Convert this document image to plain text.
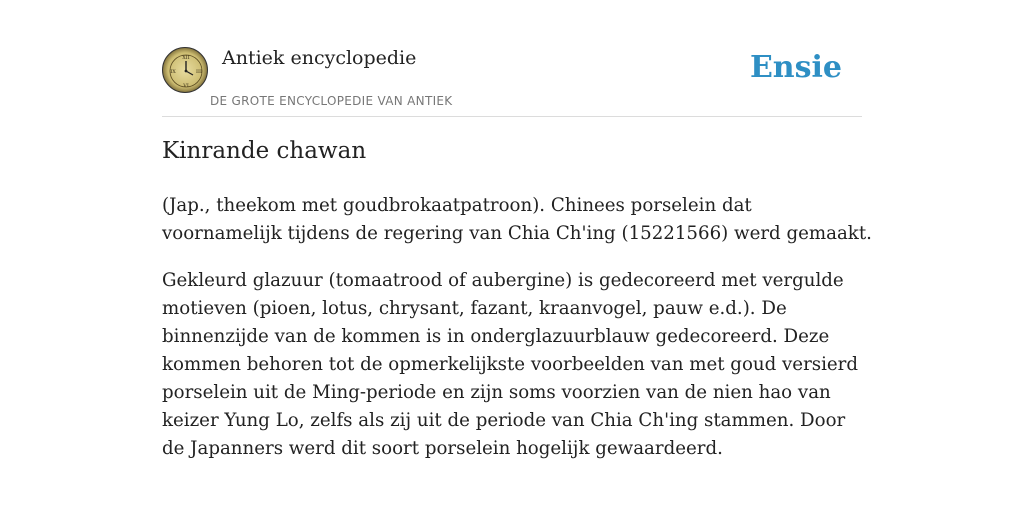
XII
III
VI
IX
Antiek encyclopedie
DE GROTE ENCYCLOPEDIE VAN ANTIEK
Ensie
Kinrande chawan

(Jap., theekom met goudbrokaatpatroon). Chinees porselein dat voornamelijk tijdens de regering van Chia Ch'ing (15221566) werd gemaakt.

Gekleurd glazuur (tomaatrood of aubergine) is gedecoreerd met vergulde motieven (pioen, lotus, chrysant, fazant, kraanvogel, pauw e.d.). De binnenzijde van de kommen is in onderglazuurblauw gedecoreerd. Deze kommen behoren tot de opmerkelijkste voorbeelden van met goud versierd porselein uit de Ming-periode en zijn soms voorzien van de nien hao van keizer Yung Lo, zelfs als zij uit de periode van Chia Ch'ing stammen. Door de Japanners werd dit soort porselein hogelijk gewaardeerd.
